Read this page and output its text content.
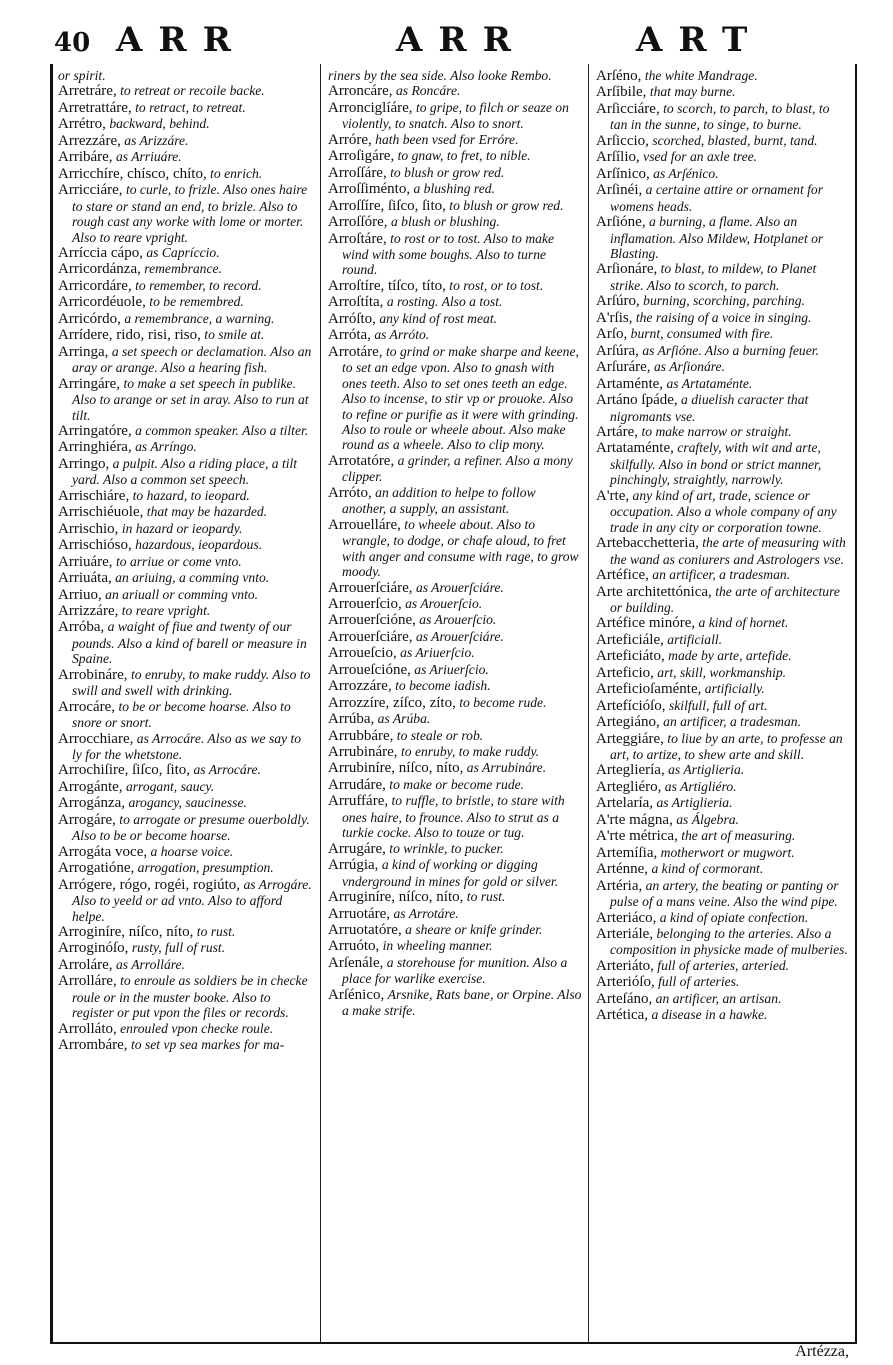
40 ARR	ARR	ART

or spirit.

Arretráre, to retreat or recoile backe.

Arretrattáre, to retract, to retreat.

Arrétro, backward, behind.

Arrezzáre, as Arizzáre.

Arribáre, as Arriuáre.

Arricchíre, chísco, chíto, to enrich.

Arricciáre, to curle, to frizle. Also ones haire to stare or stand an end, to brizle. Also to rough cast any worke with lome or morter. Also to reare vpright.

Arríccia cápo, as Capríccio.

Arricordánza, remembrance.

Arricordáre, to remember, to record.

Arricordéuole, to be remembred.

Arricórdo, a remembrance, a warning.

Arrídere, rido, risi, riso, to smile at.

Arringa, a set speech or declamation. Also an aray or arange. Also a hearing fish.

Arringáre, to make a set speech in publike. Also to arange or set in aray. Also to run at tilt.

Arringatóre, a common speaker. Also a tilter.

Arringhiéra, as Arríngo.

Arringo, a pulpit. Also a riding place, a tilt yard. Also a common set speech.

Arrischiáre, to hazard, to ieopard.

Arrischiéuole, that may be hazarded.

Arrischio, in hazard or ieopardy.

Arrischióso, hazardous, ieopardous.

Arriuáre, to arriue or come vnto.

Arriuáta, an ariuing, a comming vnto.

Arriuo, an ariuall or comming vnto.

Arrizzáre, to reare vpright.

Arróba, a waight of fiue and twenty of our pounds. Also a kind of barell or measure in Spaine.

Arrobináre, to enruby, to make ruddy. Also to swill and swell with drinking.

Arrocáre, to be or become hoarse. Also to snore or snort.

Arrocchiare, as Arrocáre. Also as we say to ly for the whetstone.

Arrochiſire, ſiſco, ſito, as Arrocáre.

Arrogánte, arrogant, saucy.

Arrogánza, arogancy, saucinesse.

Arrogáre, to arrogate or presume ouerboldly. Also to be or become hoarse.

Arrogáta voce, a hoarse voice.

Arrogatióne, arrogation, presumption.

Arrógere, rógo, rogéi, rogiúto, as Arrogáre. Also to yeeld or ad vnto. Also to afford helpe.

Arroginíre, níſco, níto, to rust.

Arroginóſo, rusty, full of rust.

Arroláre, as Arrolláre.

Arrolláre, to enroule as soldiers be in checke roule or in the muster booke. Also to register or put vpon the files or records.

Arrolláto, enrouled vpon checke roule.

Arrombáre, to set vp sea markes for ma-

riners by the sea side. Also looke Rembo.

Arroncáre, as Roncáre.

Arronciglíáre, to gripe, to filch or seaze on violently, to snatch. Also to snort.

Arróre, hath been vsed for Erróre.

Arroſigáre, to gnaw, to fret, to nible.

Arroſſáre, to blush or grow red.

Arroſſiménto, a blushing red.

Arroſſíre, ſiſco, ſito, to blush or grow red.

Arroſſóre, a blush or blushing.

Arroſtáre, to rost or to tost. Also to make wind with some boughs. Also to turne round.

Arroſtíre, tíſco, títo, to rost, or to tost.

Arroſtíta, a rosting. Also a tost.

Arróſto, any kind of rost meat.

Arróta, as Arróto.

Arrotáre, to grind or make sharpe and keene, to set an edge vpon. Also to gnash with ones teeth. Also to set ones teeth an edge. Also to incense, to stir vp or prouoke. Also to refine or purifie as it were with grinding. Also to roule or wheele about. Also make round as a wheele. Also to clip mony.

Arrotatóre, a grinder, a refiner. Also a mony clipper.

Arróto, an addition to helpe to follow another, a supply, an assistant.

Arrouelláre, to wheele about. Also to wrangle, to dodge, or chafe aloud, to fret with anger and consume with rage, to grow moody.

Arrouerſciáre, as Arouerſciáre.

Arrouerſcio, as Arouerſcio.

Arrouerſcióne, as Arouerſcio.

Arrouerſciáre, as Arouerſciáre.

Arroueſcio, as Ariuerſcio.

Arroueſcióne, as Ariuerſcio.

Arrozzáre, to become iadish.

Arrozzíre, zíſco, zíto, to become rude.

Arrúba, as Arúba.

Arrubbáre, to steale or rob.

Arrubináre, to enruby, to make ruddy.

Arrubiníre, níſco, níto, as Arrubináre.

Arrudáre, to make or become rude.

Arruffáre, to ruffle, to bristle, to stare with ones haire, to frounce. Also to strut as a turkie cocke. Also to touze or tug.

Arrugáre, to wrinkle, to pucker.

Arrúgia, a kind of working or digging vnderground in mines for gold or silver.

Arruginíre, níſco, níto, to rust.

Arruotáre, as Arrotáre.

Arruotatóre, a sheare or knife grinder.

Arruóto, in wheeling manner.

Arſenále, a storehouse for munition. Also a place for warlike exercise.

Arſénico, Arsnike, Rats bane, or Orpine. Also a make strife.

Arſéno, the white Mandrage.

Arſíbile, that may burne.

Arſicciáre, to scorch, to parch, to blast, to tan in the sunne, to singe, to burne.

Arſiccio, scorched, blasted, burnt, tand.

Arſílio, vsed for an axle tree.

Arſínico, as Arſénico.

Arſinéi, a certaine attire or ornament for womens heads.

Arſióne, a burning, a flame. Also an inflamation. Also Mildew, Hotplanet or Blasting.

Arſionáre, to blast, to mildew, to Planet strike. Also to scorch, to parch.

Arſúro, burning, scorching, parching.

A'rſis, the raising of a voice in singing.

Arſo, burnt, consumed with fire.

Arſúra, as Arſióne. Also a burning feuer.

Arſuráre, as Arſionáre.

Artaménte, as Artataménte.

Artáno ſpáde, a diuelish caracter that nigromants vse.

Artáre, to make narrow or straight.

Artataménte, craftely, with wit and arte, skilfully. Also in bond or strict manner, pinchingly, straightly, narrowly.

A'rte, any kind of art, trade, science or occupation. Also a whole company of any trade in any city or corporation towne.

Artebacchetteria, the arte of measuring with the wand as coniurers and Astrologers vse.

Artéfice, an artificer, a tradesman.

Arte architettónica, the arte of architecture or building.

Artéfice minóre, a kind of hornet.

Arteficiále, artificiall.

Arteficiáto, made by arte, artefide.

Arteficio, art, skill, workmanship.

Arteficioſaménte, artificially.

Artefícióſo, skilfull, full of art.

Artegiáno, an artificer, a tradesman.

Arteggiáre, to liue by an arte, to professe an art, to artize, to shew arte and skill.

Artegliería, as Artiglieria.

Artegliéro, as Artigliéro.

Artelaría, as Artiglieria.

A'rte mágna, as Álgebra.

A'rte métrica, the art of measuring.

Artemíſia, motherwort or mugwort.

Arténne, a kind of cormorant.

Artéria, an artery, the beating or panting or pulse of a mans veine. Also the wind pipe.

Arteriáco, a kind of opiate confection.

Arteriále, belonging to the arteries. Also a composition in physicke made of mulberies.

Arteriáto, full of arteries, arteried.

Arterióſo, full of arteries.

Arteſáno, an artificer, an artisan.

Artética, a disease in a hawke.

Artézza,
